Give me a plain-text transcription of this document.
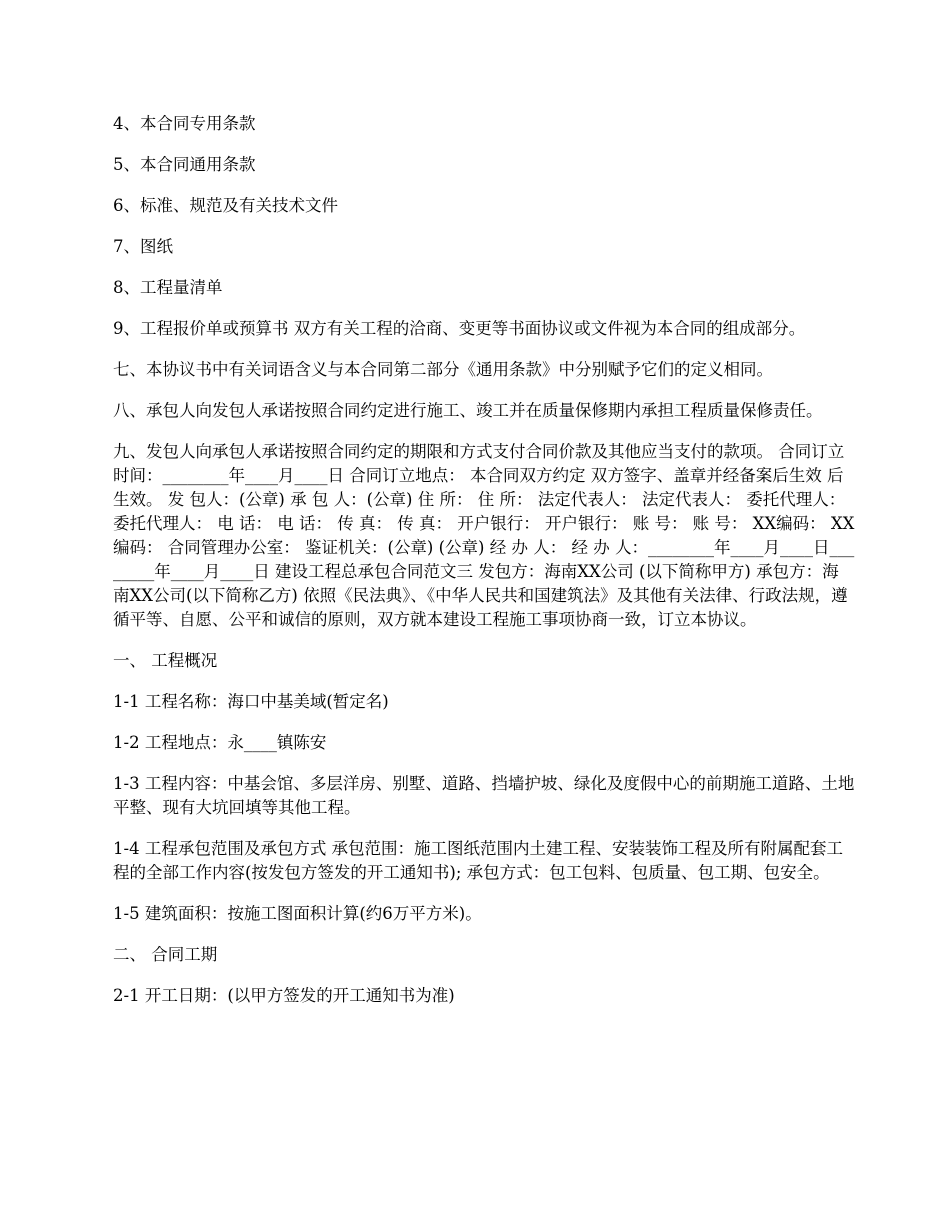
4、本合同专用条款

5、本合同通用条款

6、标准、规范及有关技术文件

7、图纸

8、工程量清单

9、工程报价单或预算书 双方有关工程的洽商、变更等书面协议或文件视为本合同的组成部分。

七、本协议书中有关词语含义与本合同第二部分《通用条款》中分别赋予它们的定义相同。

八、承包人向发包人承诺按照合同约定进行施工、竣工并在质量保修期内承担工程质量保修责任。

九、发包人向承包人承诺按照合同约定的期限和方式支付合同价款及其他应当支付的款项。 合同订立时间：________年____月____日 合同订立地点： 本合同双方约定 双方签字、盖章并经备案后生效 后生效。 发 包人：(公章) 承 包 人：(公章) 住 所： 住 所： 法定代表人： 法定代表人： 委托代理人： 委托代理人： 电 话： 电 话： 传 真： 传 真： 开户银行： 开户银行： 账 号： 账 号： XX编码： XX编码： 合同管理办公室： 鉴证机关：(公章) (公章) 经 办 人： 经 办 人：________年____月____日________年____月____日 建设工程总承包合同范文三 发包方：海南XX公司 (以下简称甲方) 承包方：海南XX公司(以下简称乙方) 依照《民法典》、《中华人民共和国建筑法》及其他有关法律、行政法规，遵循平等、自愿、公平和诚信的原则，双方就本建设工程施工事项协商一致，订立本协议。

一、 工程概况

1-1 工程名称：海口中基美域(暂定名)

1-2 工程地点：永____镇陈安

1-3 工程内容：中基会馆、多层洋房、别墅、道路、挡墙护坡、绿化及度假中心的前期施工道路、土地平整、现有大坑回填等其他工程。

1-4 工程承包范围及承包方式 承包范围：施工图纸范围内土建工程、安装装饰工程及所有附属配套工程的全部工作内容(按发包方签发的开工通知书); 承包方式：包工包料、包质量、包工期、包安全。

1-5 建筑面积：按施工图面积计算(约6万平方米)。

二、 合同工期

2-1 开工日期：(以甲方签发的开工通知书为准)
